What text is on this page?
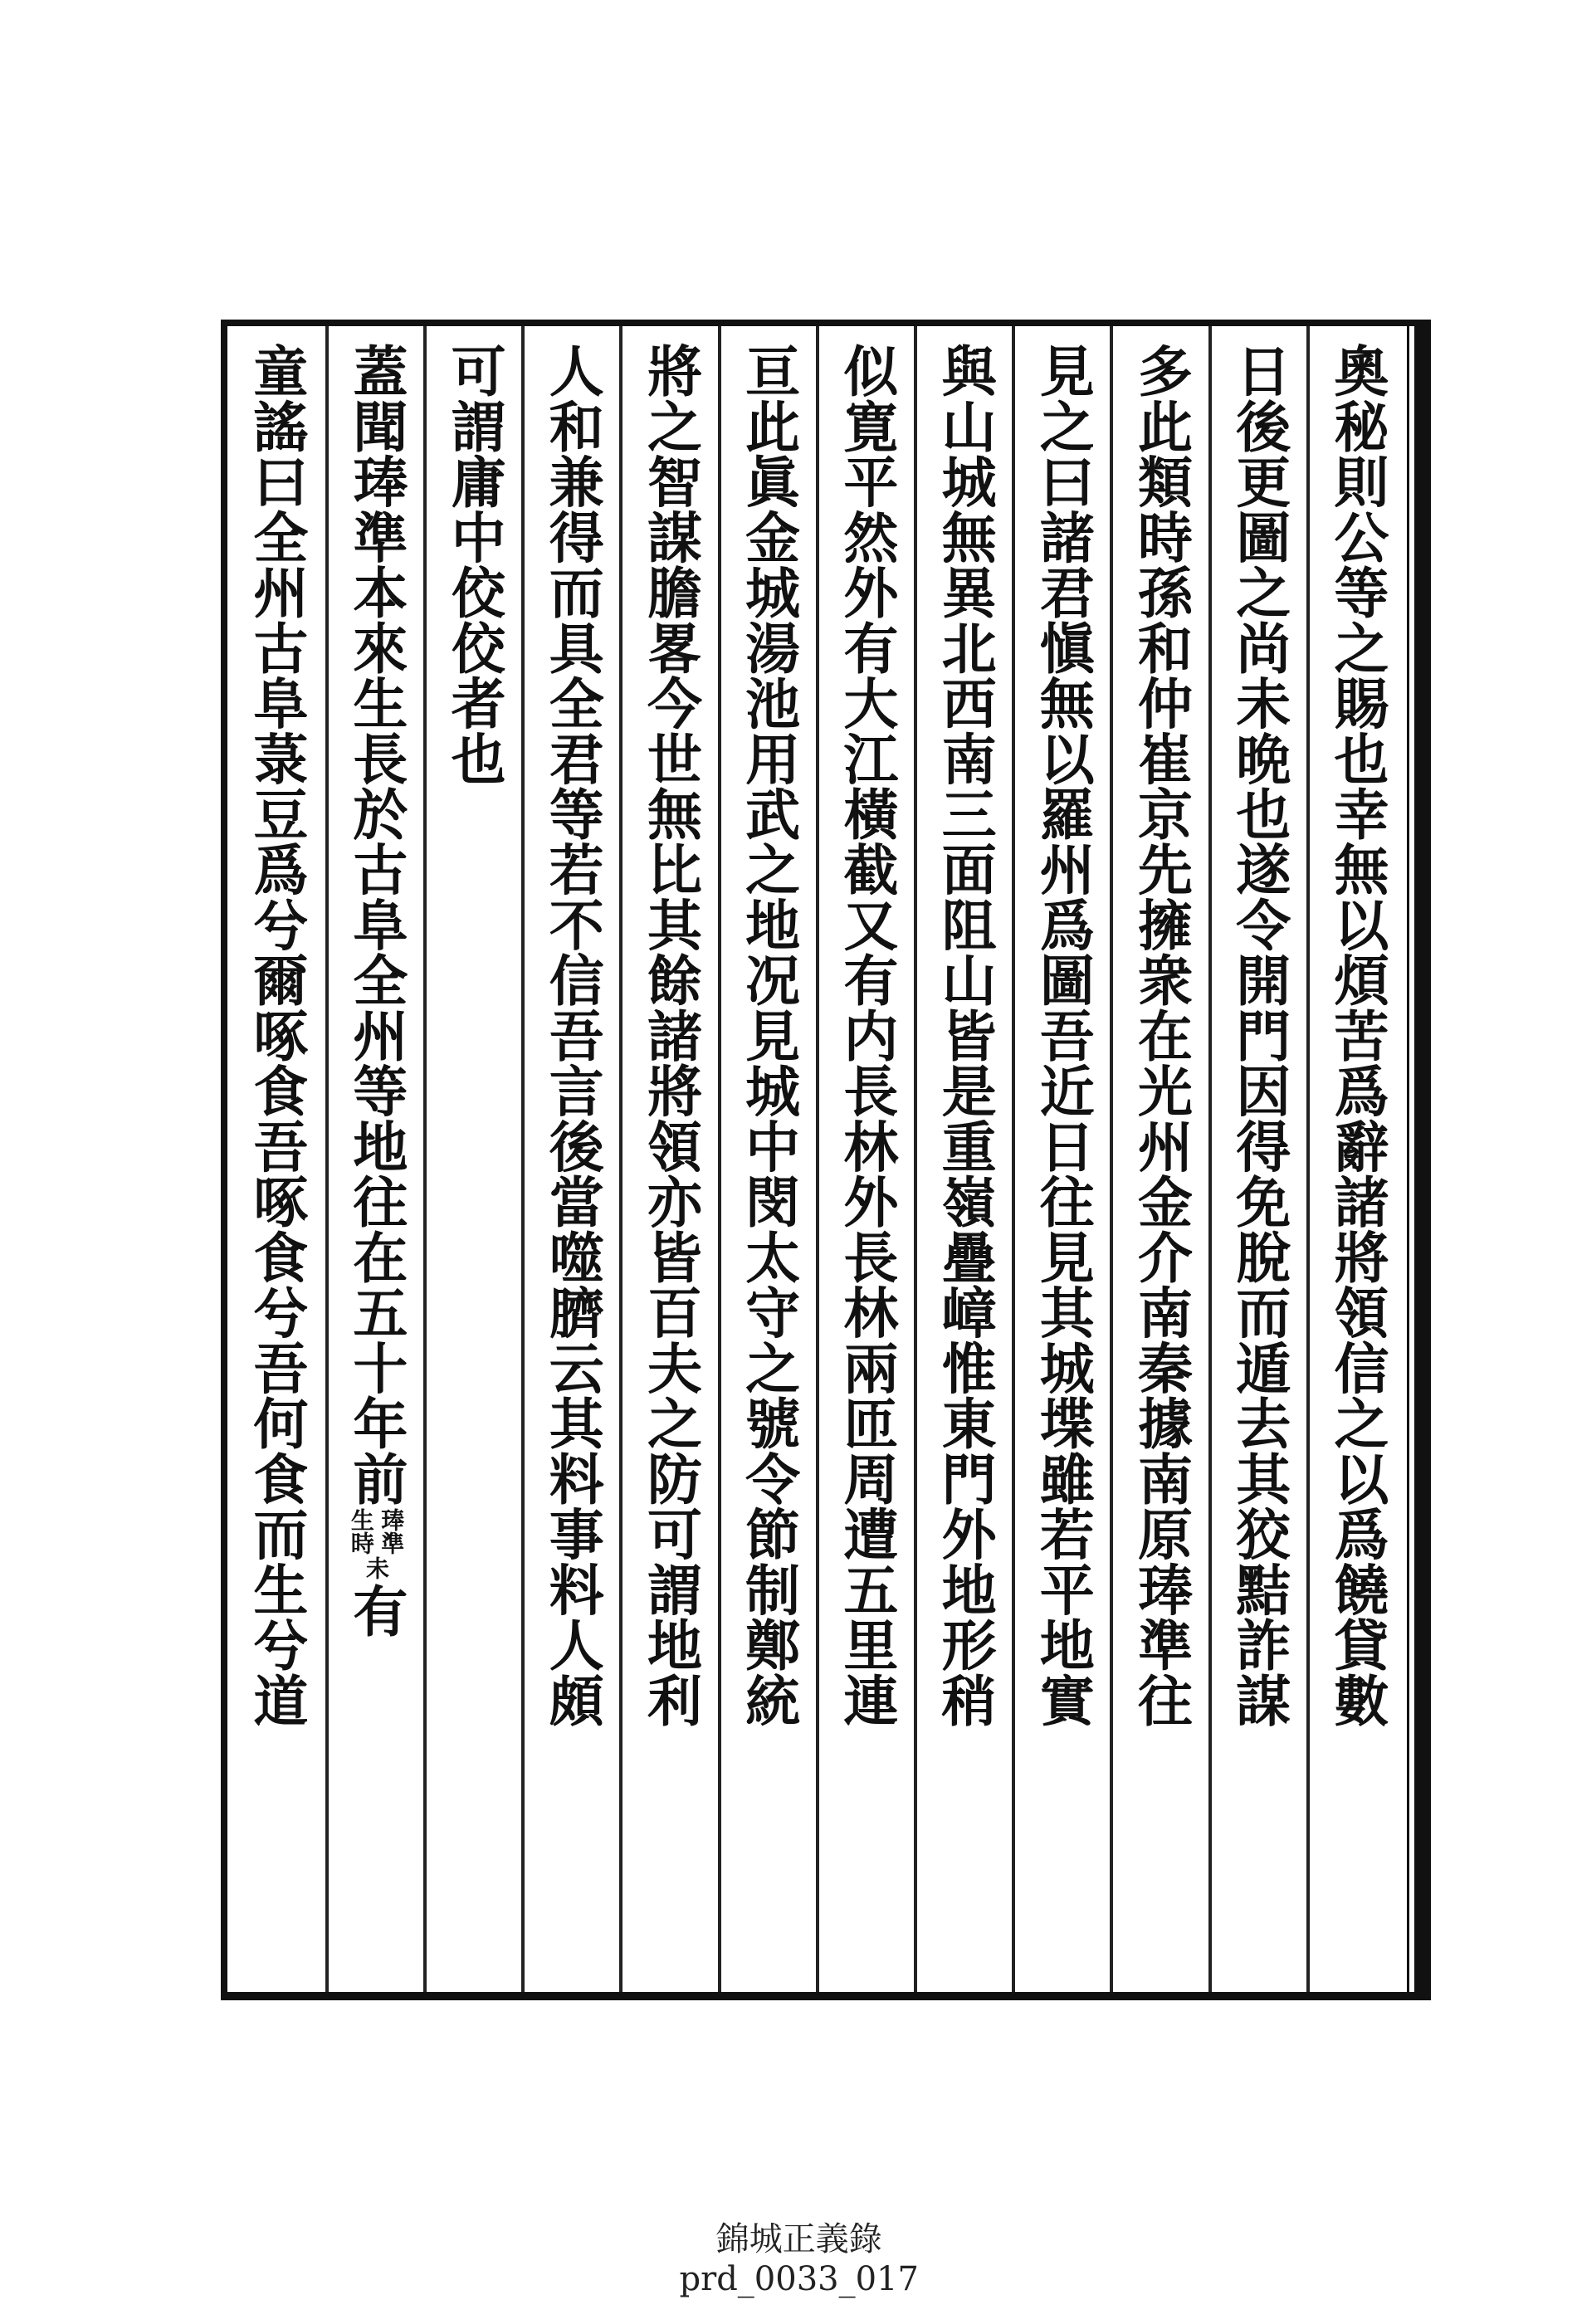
奧秘則公等之賜也幸無以煩苦爲辭諸將領信之以爲饒貸數
日後更圖之尚未晩也遂令開門因得免脫而遁去其狡黠詐謀
多此類時孫和仲崔京先擁衆在光州金介南秦據南原琫準往
見之曰諸君愼無以羅州爲圖吾近日往見其城堞雖若平地實
與山城無異北西南三面阻山皆是重嶺疊嶂惟東門外地形稍
似寛平然外有大江橫截又有内長林外長林兩匝周遭五里連
亘此眞金城湯池用武之地况見城中閔太守之號令節制鄭統
將之智謀膽畧今世無比其餘諸將領亦皆百夫之防可謂地利
人和兼得而具全君等若不信吾言後當噬臍云其料事料人頗
可謂庸中佼佼者也
蓋聞琫準本來生長於古阜全州等地往在五十年前
琫準
生時
未
有
童謠曰全州古阜菉豆爲兮爾啄食吾啄食兮吾何食而生兮道

錦城正義錄
prd_0033_017
